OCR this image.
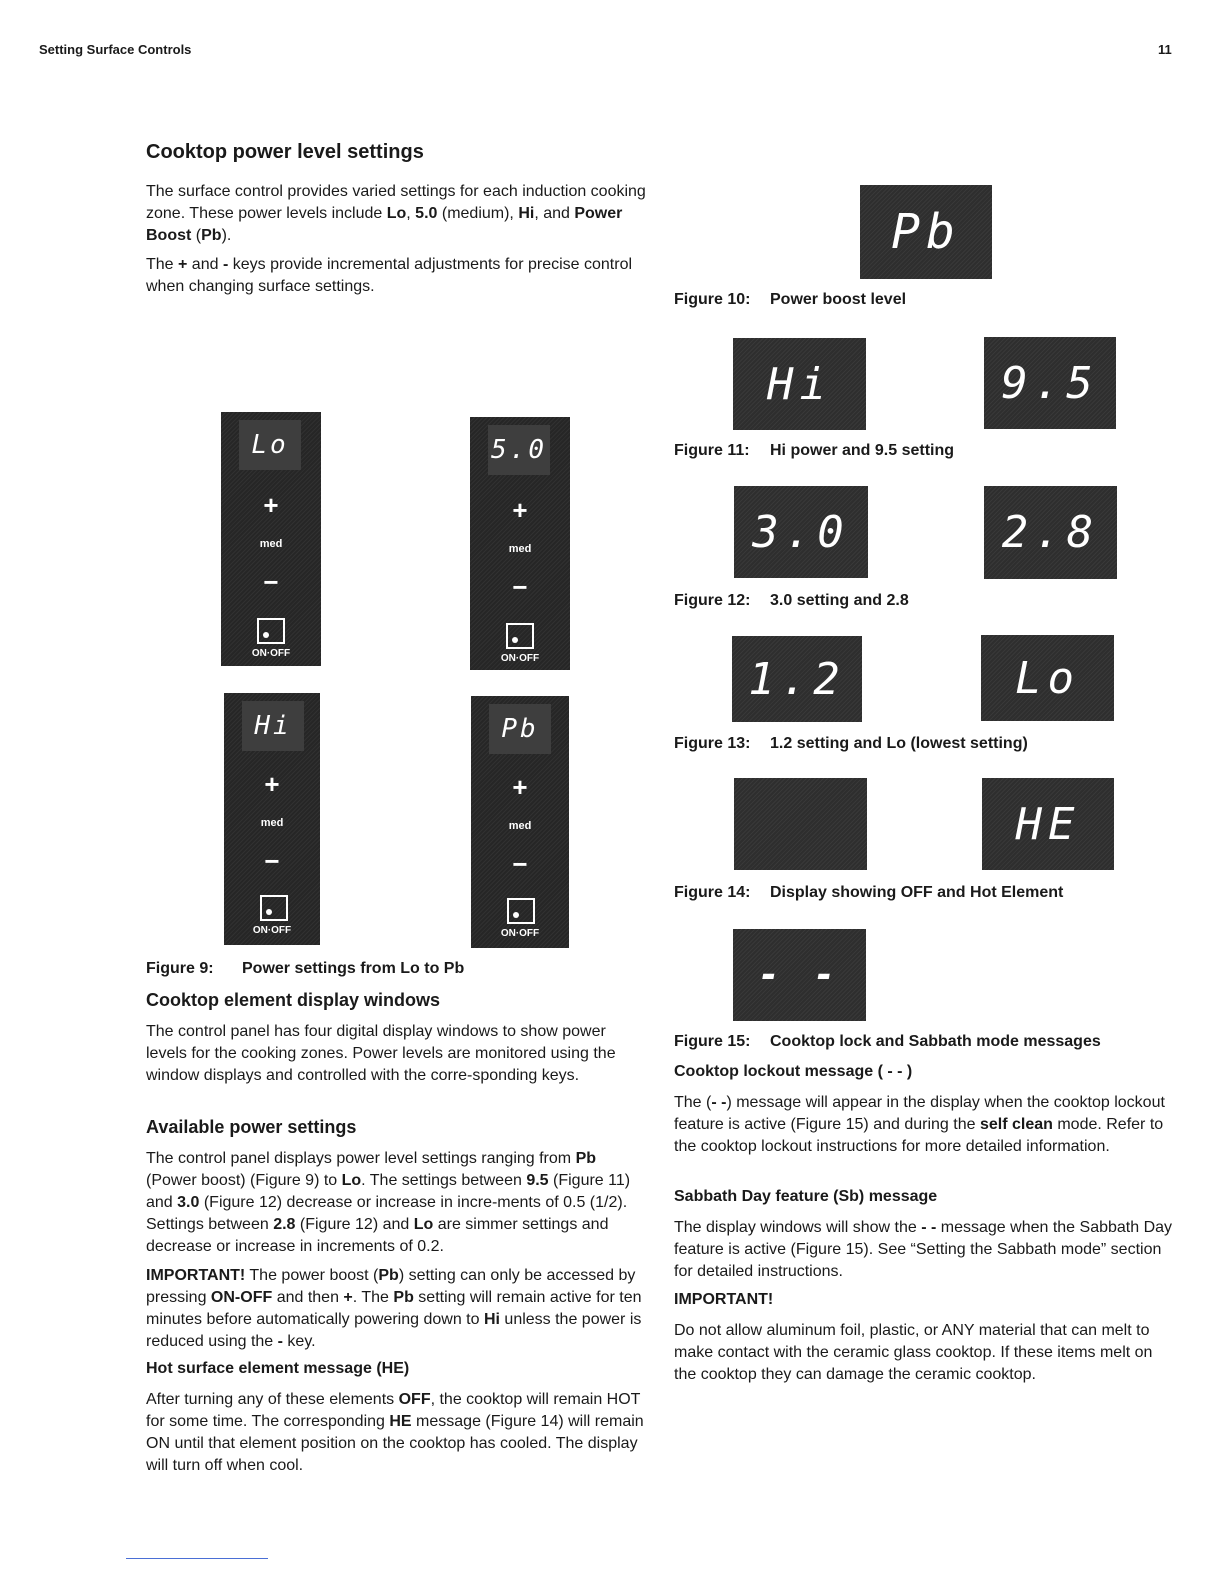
Setting Surface Controls	11
Cooktop power level settings
The surface control provides varied settings for each induction cooking zone. These power levels include Lo, 5.0 (medium), Hi, and Power Boost (Pb).
The + and - keys provide incremental adjustments for precise control when changing surface settings.
Lo
+
med
−
ON·OFF
5.0
+
med
−
ON·OFF
Hi
+
med
−
ON·OFF
Pb
+
med
−
ON·OFF
Figure 9: Power settings from Lo to Pb
Cooktop element display windows
The control panel has four digital display windows to show power levels for the cooking zones. Power levels are monitored using the window displays and controlled with the corre-sponding keys.
Available power settings
The control panel displays power level settings ranging from Pb (Power boost) (Figure 9) to Lo. The settings between 9.5 (Figure 11) and 3.0 (Figure 12) decrease or increase in incre-ments of 0.5 (1/2). Settings between 2.8 (Figure 12) and Lo are simmer settings and decrease or increase in increments of 0.2.
IMPORTANT! The power boost (Pb) setting can only be accessed by pressing ON-OFF and then +. The Pb setting will remain active for ten minutes before automatically powering down to Hi unless the power is reduced using the - key.
Hot surface element message (HE)
After turning any of these elements OFF, the cooktop will remain HOT for some time. The corresponding HE message (Figure 14) will remain ON until that element position on the cooktop has cooled. The display will turn off when cool.
Pb
Figure 10: Power boost level
Hi	9.5
Figure 11: Hi power and 9.5 setting
3.0	2.8
Figure 12: 3.0 setting and 2.8
1.2	Lo
Figure 13: 1.2 setting and Lo (lowest setting)
HE
Figure 14: Display showing OFF and Hot Element
- -
Figure 15: Cooktop lock and Sabbath mode messages
Cooktop lockout message ( - - )
The (- -) message will appear in the display when the cooktop lockout feature is active (Figure 15) and during the self clean mode. Refer to the cooktop lockout instructions for more detailed information.
Sabbath Day feature (Sb) message
The display windows will show the - - message when the Sabbath Day feature is active (Figure 15). See “Setting the Sabbath mode” section for detailed instructions.
IMPORTANT!
Do not allow aluminum foil, plastic, or ANY material that can melt to make contact with the ceramic glass cooktop. If these items melt on the cooktop they can damage the ceramic cooktop.
